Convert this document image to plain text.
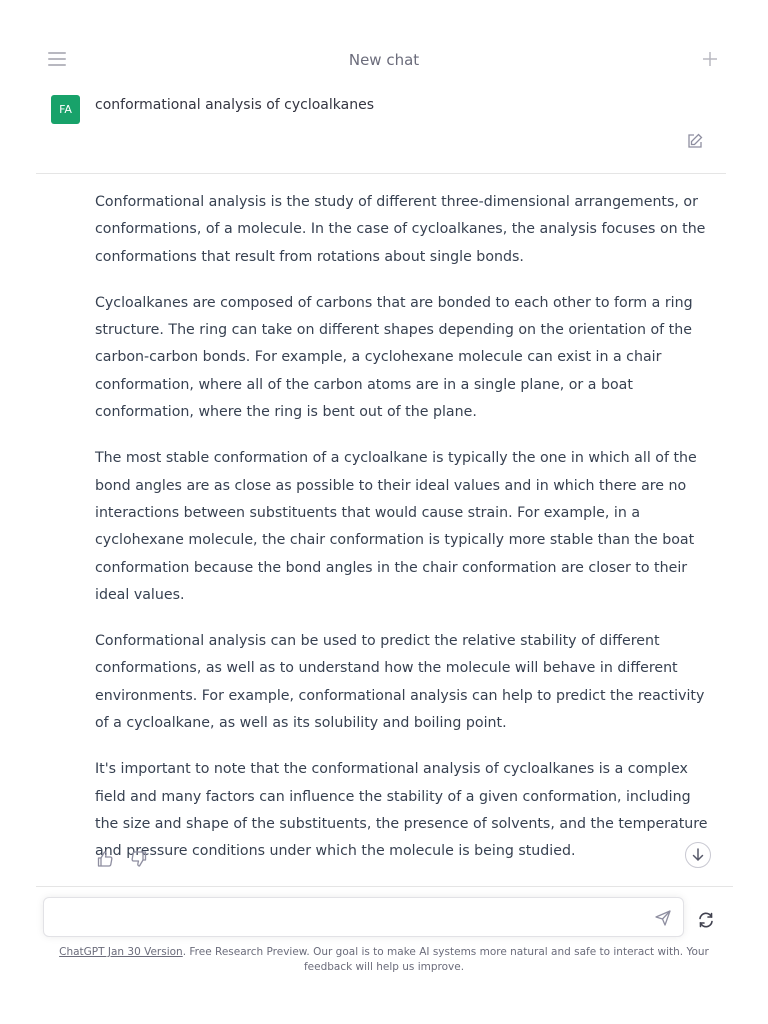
New chat
FA	conformational analysis of cycloalkanes

Conformational analysis is the study of different three-dimensional arrangements, or conformations, of a molecule. In the case of cycloalkanes, the analysis focuses on the conformations that result from rotations about single bonds.

Cycloalkanes are composed of carbons that are bonded to each other to form a ring structure. The ring can take on different shapes depending on the orientation of the carbon-carbon bonds. For example, a cyclohexane molecule can exist in a chair conformation, where all of the carbon atoms are in a single plane, or a boat conformation, where the ring is bent out of the plane.

The most stable conformation of a cycloalkane is typically the one in which all of the bond angles are as close as possible to their ideal values and in which there are no interactions between substituents that would cause strain. For example, in a cyclohexane molecule, the chair conformation is typically more stable than the boat conformation because the bond angles in the chair conformation are closer to their ideal values.

Conformational analysis can be used to predict the relative stability of different conformations, as well as to understand how the molecule will behave in different environments. For example, conformational analysis can help to predict the reactivity of a cycloalkane, as well as its solubility and boiling point.

It's important to note that the conformational analysis of cycloalkanes is a complex field and many factors can influence the stability of a given conformation, including the size and shape of the substituents, the presence of solvents, and the temperature and pressure conditions under which the molecule is being studied.

ChatGPT Jan 30 Version. Free Research Preview. Our goal is to make AI systems more natural and safe to interact with. Your feedback will help us improve.
